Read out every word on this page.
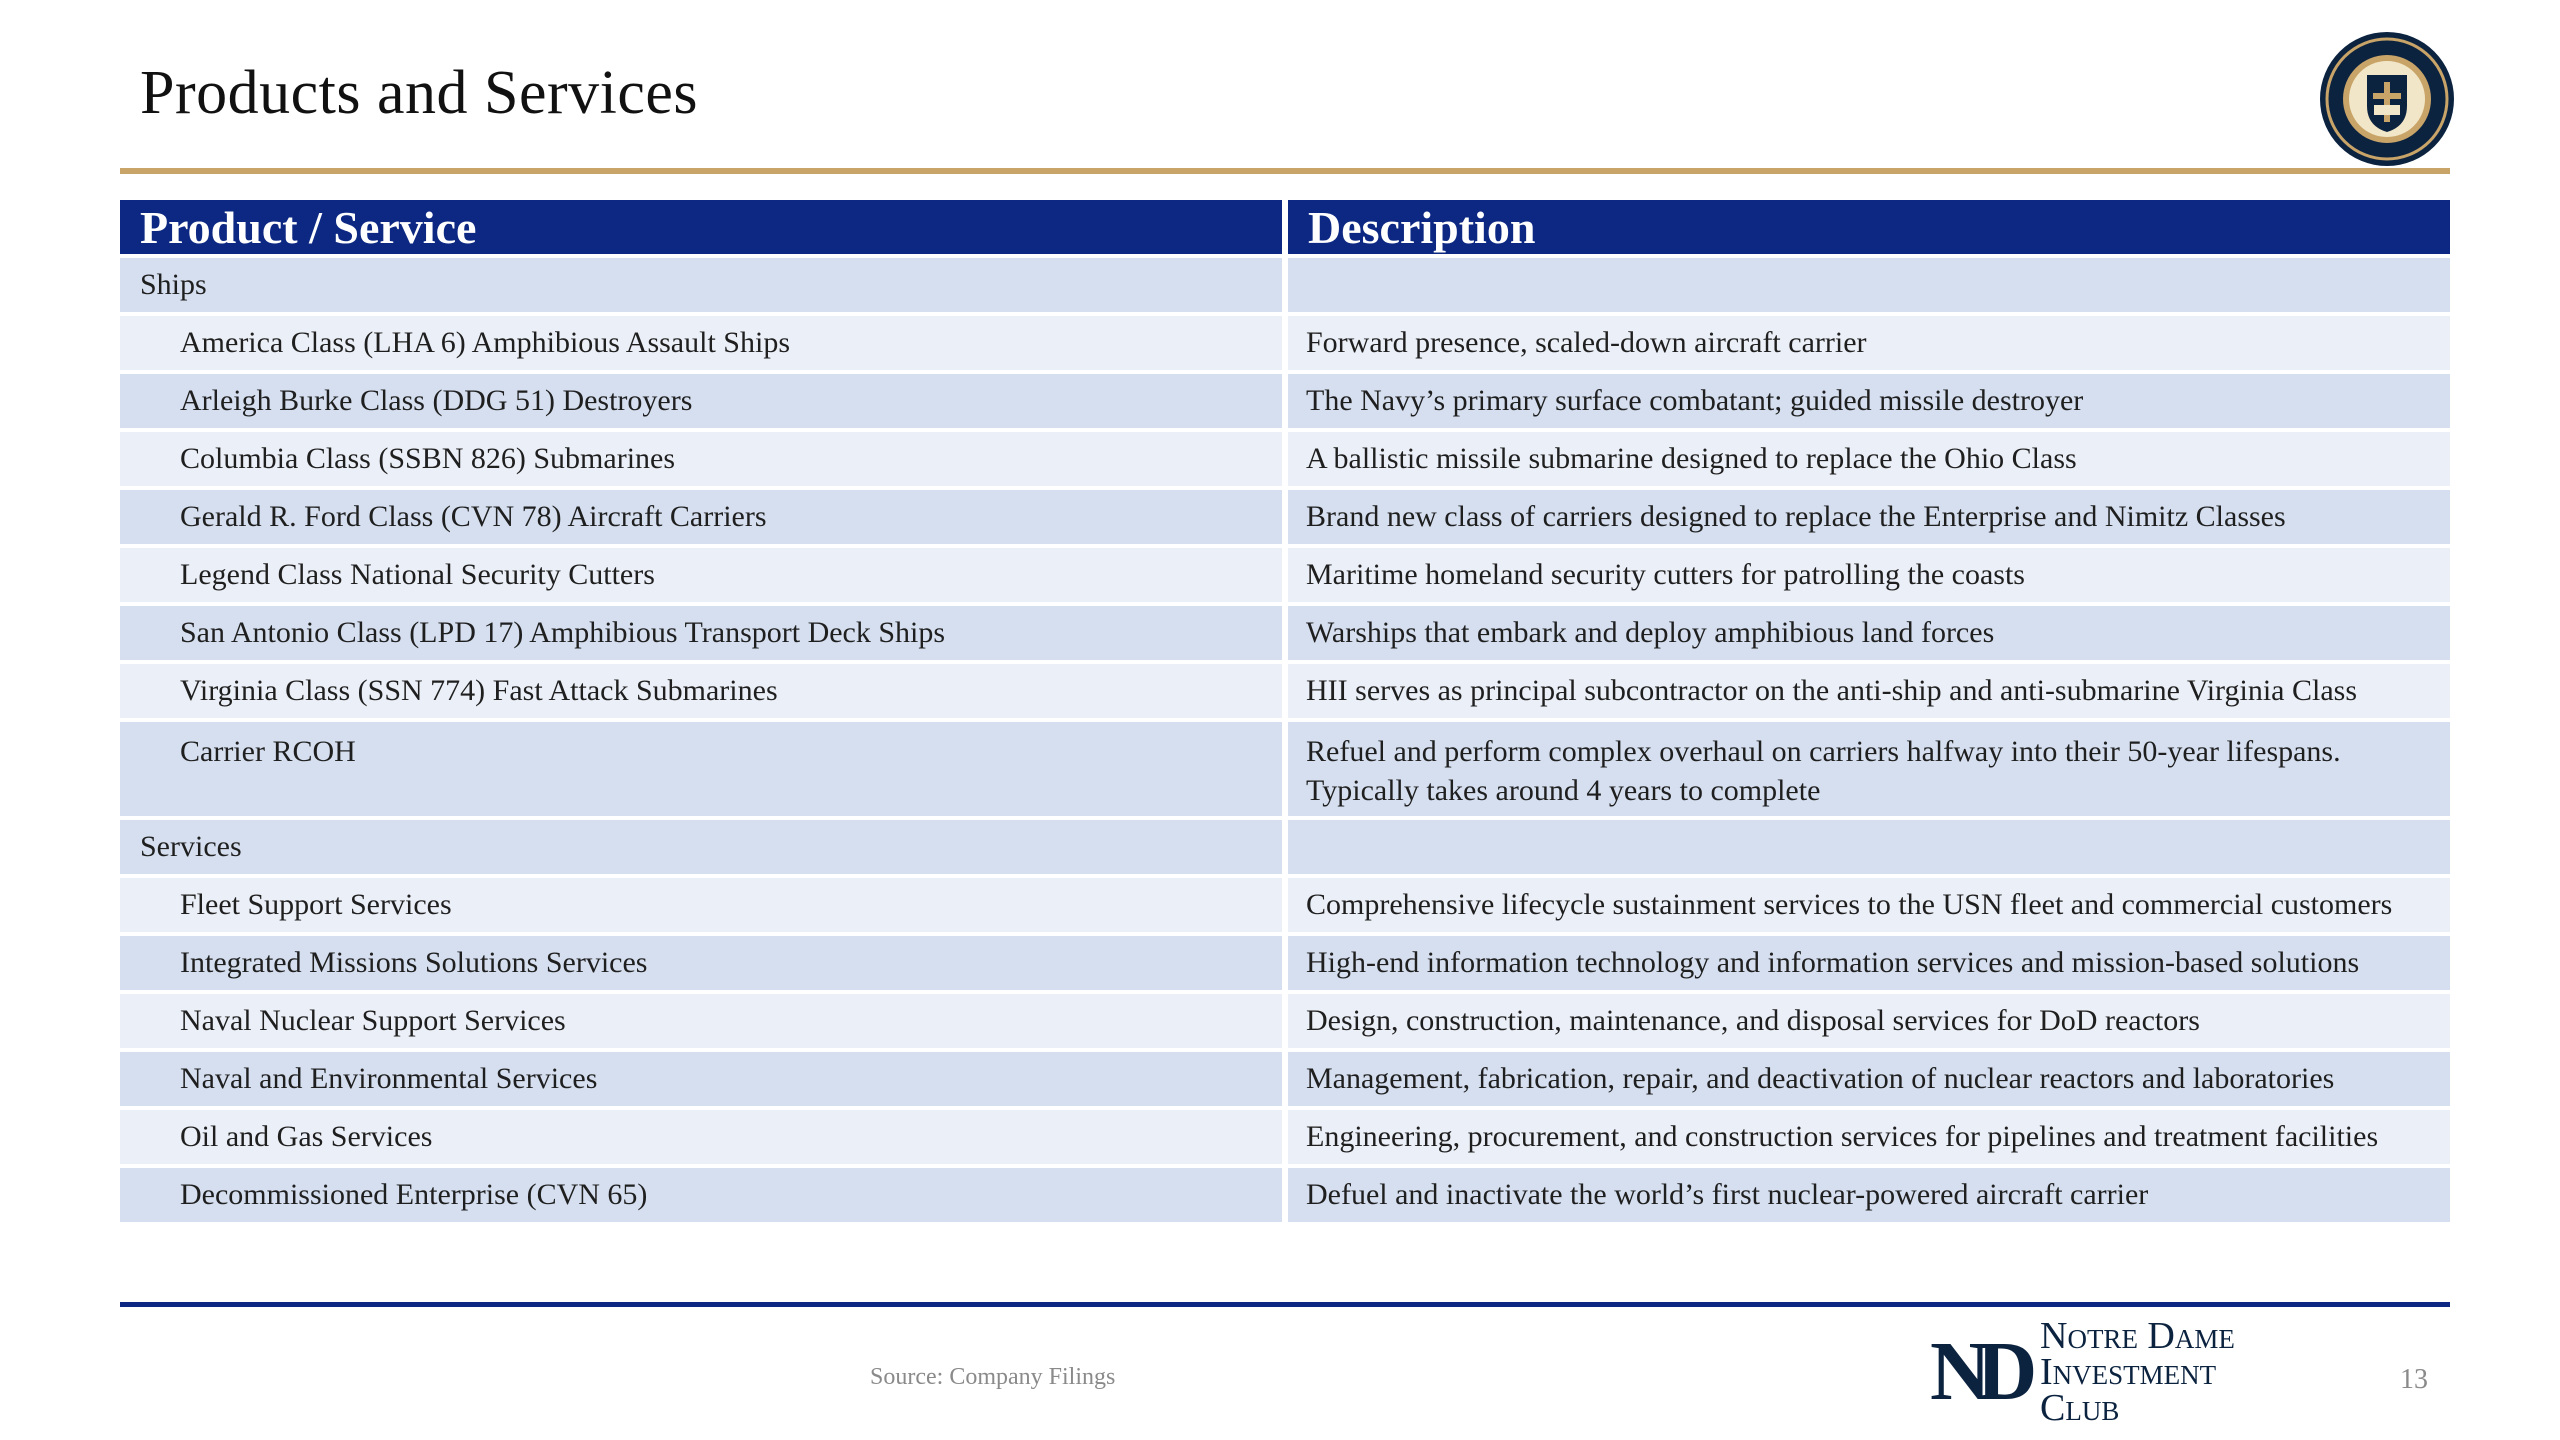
Products and Services
Product / Service	Description
Ships
America Class (LHA 6) Amphibious Assault Ships	Forward presence, scaled-down aircraft carrier
Arleigh Burke Class (DDG 51) Destroyers	The Navy’s primary surface combatant; guided missile destroyer
Columbia Class (SSBN 826) Submarines	A ballistic missile submarine designed to replace the Ohio Class
Gerald R. Ford Class (CVN 78) Aircraft Carriers	Brand new class of carriers designed to replace the Enterprise and Nimitz Classes
Legend Class National Security Cutters	Maritime homeland security cutters for patrolling the coasts
San Antonio Class (LPD 17) Amphibious Transport Deck Ships	Warships that embark and deploy amphibious land forces
Virginia Class (SSN 774) Fast Attack Submarines	HII serves as principal subcontractor on the anti-ship and anti-submarine Virginia Class
Carrier RCOH	Refuel and perform complex overhaul on carriers halfway into their 50-year lifespans. Typically takes around 4 years to complete
Services
Fleet Support Services	Comprehensive lifecycle sustainment services to the USN fleet and commercial customers
Integrated Missions Solutions Services	High-end information technology and information services and mission-based solutions
Naval Nuclear Support Services	Design, construction, maintenance, and disposal services for DoD reactors
Naval and Environmental Services	Management, fabrication, repair, and deactivation of nuclear reactors and laboratories
Oil and Gas Services	Engineering, procurement, and construction services for pipelines and treatment facilities
Decommissioned Enterprise (CVN 65)	Defuel and inactivate the world’s first nuclear-powered aircraft carrier
Source: Company Filings	ND Notre Dame
Investment Club
13
